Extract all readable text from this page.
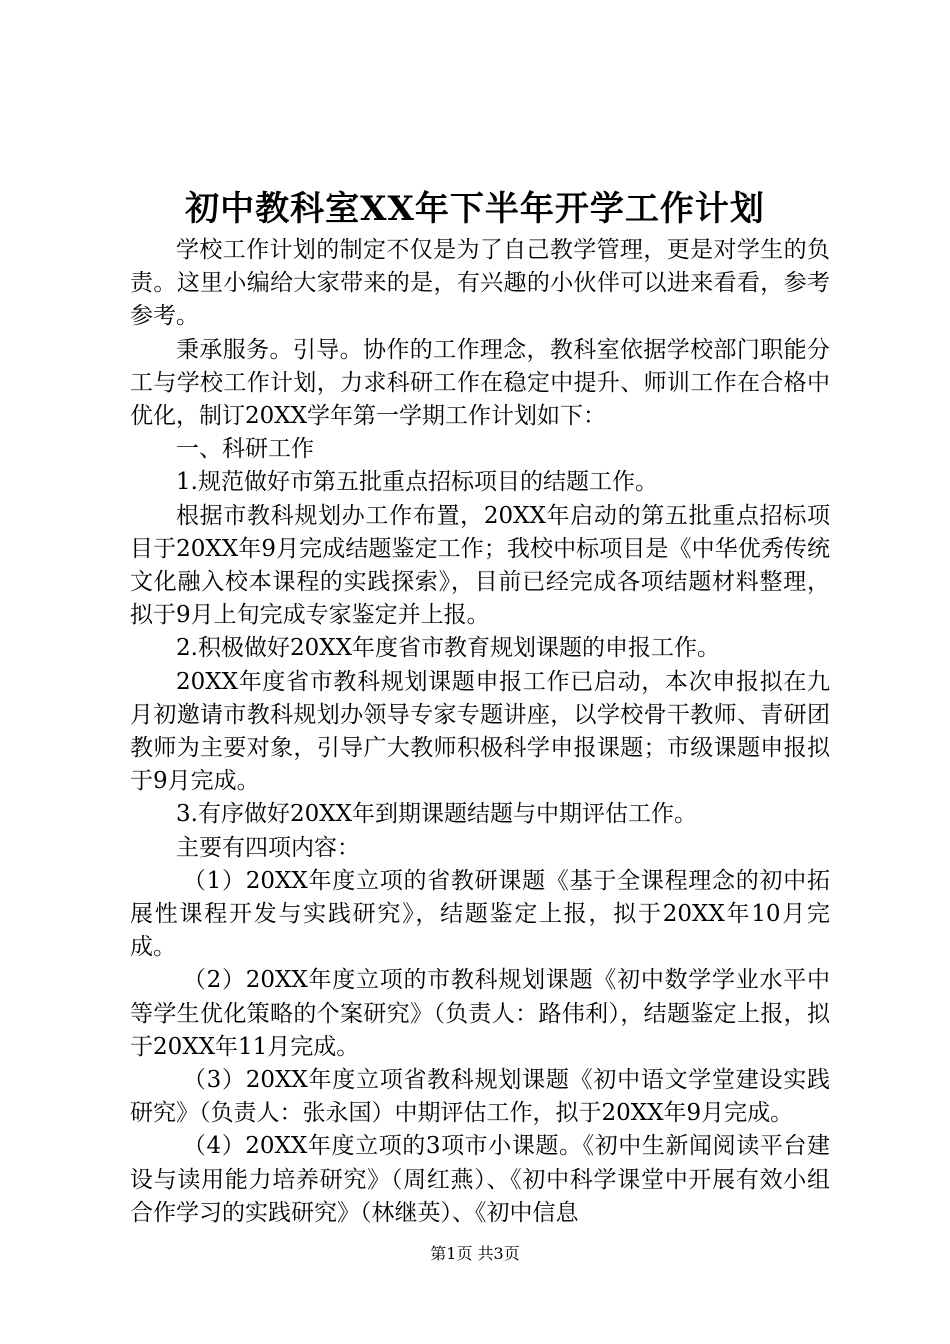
初中教科室XX年下半年开学工作计划

学校工作计划的制定不仅是为了自己教学管理，更是对学生的负责。这里小编给大家带来的是，有兴趣的小伙伴可以进来看看，参考参考。

秉承服务。引导。协作的工作理念，教科室依据学校部门职能分工与学校工作计划，力求科研工作在稳定中提升、师训工作在合格中优化，制订20XX学年第一学期工作计划如下：

一、科研工作

1.规范做好市第五批重点招标项目的结题工作。

根据市教科规划办工作布置，20XX年启动的第五批重点招标项目于20XX年9月完成结题鉴定工作；我校中标项目是《中华优秀传统文化融入校本课程的实践探索》，目前已经完成各项结题材料整理，拟于9月上旬完成专家鉴定并上报。

2.积极做好20XX年度省市教育规划课题的申报工作。

20XX年度省市教科规划课题申报工作已启动，本次申报拟在九月初邀请市教科规划办领导专家专题讲座，以学校骨干教师、青研团教师为主要对象，引导广大教师积极科学申报课题；市级课题申报拟于9月完成。

3.有序做好20XX年到期课题结题与中期评估工作。

主要有四项内容：

（1）20XX年度立项的省教研课题《基于全课程理念的初中拓展性课程开发与实践研究》，结题鉴定上报，拟于20XX年10月完成。

（2）20XX年度立项的市教科规划课题《初中数学学业水平中等学生优化策略的个案研究》（负责人：路伟利），结题鉴定上报，拟于20XX年11月完成。

（3）20XX年度立项省教科规划课题《初中语文学堂建设实践研究》（负责人：张永国）中期评估工作，拟于20XX年9月完成。

（4）20XX年度立项的3项市小课题。《初中生新闻阅读平台建设与读用能力培养研究》（周红燕）、《初中科学课堂中开展有效小组合作学习的实践研究》（林继英）、《初中信息

第1页 共3页
